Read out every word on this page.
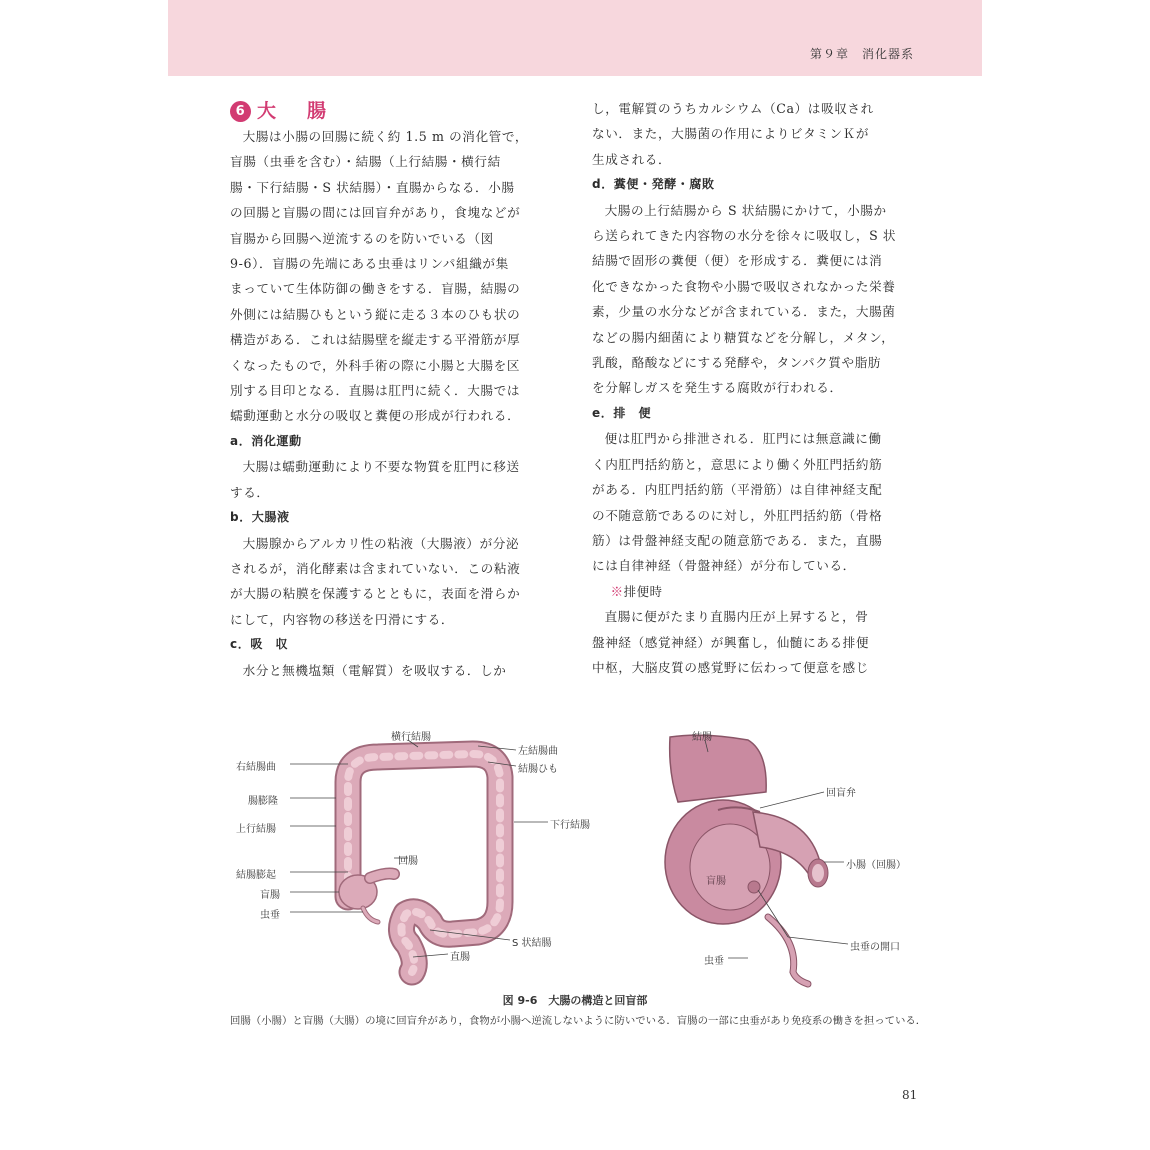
第９章　消化器系
6 大　腸

大腸は小腸の回腸に続く約 1.5 m の消化管で，

盲腸（虫垂を含む）・結腸（上行結腸・横行結

腸・下行結腸・S 状結腸）・直腸からなる．小腸

の回腸と盲腸の間には回盲弁があり，食塊などが

盲腸から回腸へ逆流するのを防いでいる（図

9-6）．盲腸の先端にある虫垂はリンパ組織が集

まっていて生体防御の働きをする．盲腸，結腸の

外側には結腸ひもという縦に走る３本のひも状の

構造がある．これは結腸壁を縦走する平滑筋が厚

くなったもので，外科手術の際に小腸と大腸を区

別する目印となる．直腸は肛門に続く．大腸では

蠕動運動と水分の吸収と糞便の形成が行われる．

a．消化運動

大腸は蠕動運動により不要な物質を肛門に移送

する．

b．大腸液

大腸腺からアルカリ性の粘液（大腸液）が分泌

されるが，消化酵素は含まれていない．この粘液

が大腸の粘膜を保護するとともに，表面を滑らか

にして，内容物の移送を円滑にする．

c．吸　収

水分と無機塩類（電解質）を吸収する．しか

し，電解質のうちカルシウム（Ca）は吸収され

ない．また，大腸菌の作用によりビタミンＫが

生成される．

d．糞便・発酵・腐敗

大腸の上行結腸から S 状結腸にかけて，小腸か

ら送られてきた内容物の水分を徐々に吸収し，S 状

結腸で固形の糞便（便）を形成する．糞便には消

化できなかった食物や小腸で吸収されなかった栄養

素，少量の水分などが含まれている．また，大腸菌

などの腸内細菌により糖質などを分解し，メタン，

乳酸，酪酸などにする発酵や，タンパク質や脂肪

を分解しガスを発生する腐敗が行われる．

e．排　便

便は肛門から排泄される．肛門には無意識に働

く内肛門括約筋と，意思により働く外肛門括約筋

がある．内肛門括約筋（平滑筋）は自律神経支配

の不随意筋であるのに対し，外肛門括約筋（骨格

筋）は骨盤神経支配の随意筋である．また，直腸

には自律神経（骨盤神経）が分布している．

※排便時

直腸に便がたまり直腸内圧が上昇すると，骨

盤神経（感覚神経）が興奮し，仙髄にある排便

中枢，大脳皮質の感覚野に伝わって便意を感じ

横行結腸
右結腸曲
腸膨隆
上行結腸
結腸膨起
盲腸
虫垂
回腸
左結腸曲
結腸ひも
下行結腸
S 状結腸
直腸
結腸
回盲弁
小腸（回腸）
虫垂の開口
虫垂
盲腸
図 9-6　大腸の構造と回盲部
回腸（小腸）と盲腸（大腸）の境に回盲弁があり，食物が小腸へ逆流しないように防いでいる．盲腸の一部に虫垂があり免疫系の働きを担っている．
81
